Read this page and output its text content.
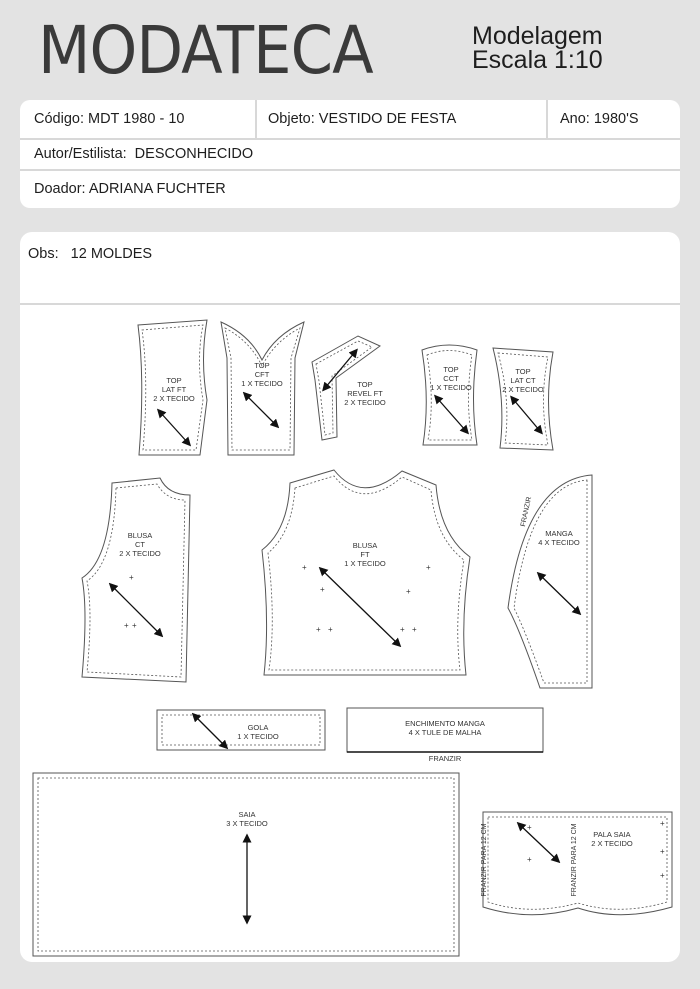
MODATECA	Modelagem
Escala 1:10
Código: MDT 1980 - 10	Objeto: VESTIDO DE FESTA	Ano: 1980'S
Autor/Estilista: DESCONHECIDO
Doador: ADRIANA FUCHTER
Obs: 12 MOLDES
+
+ +
+
+
+ +
+
+
+ +
+
+
+
+
+
TOP
LAT FT
2 X TECIDO
TOP
CFT
1 X TECIDO	TOP
REVEL FT
2 X TECIDO
TOP
CCT
1 X TECIDO
TOP
LAT CT
2 X TECIDO
BLUSA
CT
2 X TECIDO
BLUSA
FT
1 X TECIDO
MANGA
4 X TECIDO
GOLA
1 X TECIDO
ENCHIMENTO MANGA
4 X TULE DE MALHA
FRANZIR
SAIA
3 X TECIDO
PALA SAIA
2 X TECIDO
FRANZIR
FRANZIR PARA 12 CM	FRANZIR PARA 12 CM
